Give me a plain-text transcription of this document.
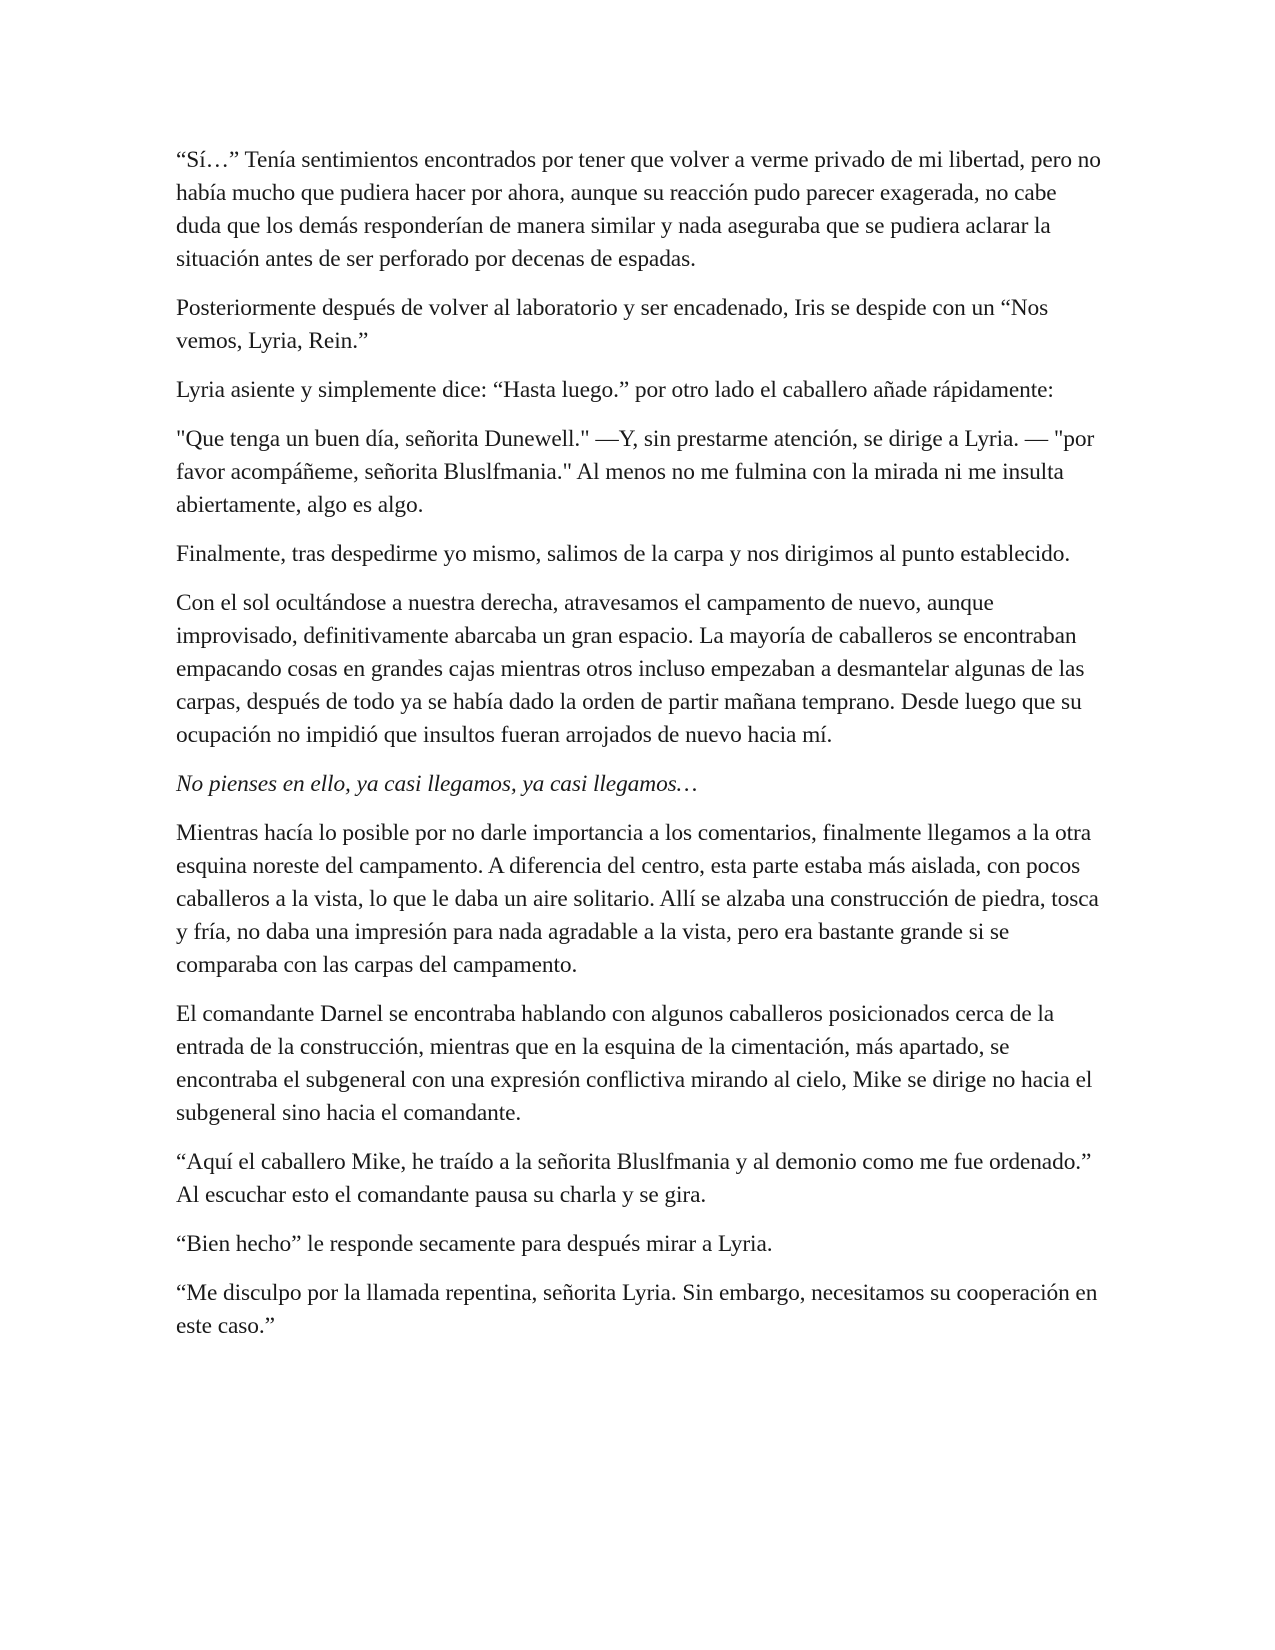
“Sí…” Tenía sentimientos encontrados por tener que volver a verme privado de mi libertad, pero no había mucho que pudiera hacer por ahora, aunque su reacción pudo parecer exagerada, no cabe duda que los demás responderían de manera similar y nada aseguraba que se pudiera aclarar la situación antes de ser perforado por decenas de espadas.

Posteriormente después de volver al laboratorio y ser encadenado, Iris se despide con un “Nos vemos, Lyria, Rein.”

Lyria asiente y simplemente dice: “Hasta luego.” por otro lado el caballero añade rápidamente:

"Que tenga un buen día, señorita Dunewell." —Y, sin prestarme atención, se dirige a Lyria. — "por favor acompáñeme, señorita Bluslfmania." Al menos no me fulmina con la mirada ni me insulta abiertamente, algo es algo.

Finalmente, tras despedirme yo mismo, salimos de la carpa y nos dirigimos al punto establecido.

Con el sol ocultándose a nuestra derecha, atravesamos el campamento de nuevo, aunque improvisado, definitivamente abarcaba un gran espacio. La mayoría de caballeros se encontraban empacando cosas en grandes cajas mientras otros incluso empezaban a desmantelar algunas de las carpas, después de todo ya se había dado la orden de partir mañana temprano. Desde luego que su ocupación no impidió que insultos fueran arrojados de nuevo hacia mí.

No pienses en ello, ya casi llegamos, ya casi llegamos…

Mientras hacía lo posible por no darle importancia a los comentarios, finalmente llegamos a la otra esquina noreste del campamento. A diferencia del centro, esta parte estaba más aislada, con pocos caballeros a la vista, lo que le daba un aire solitario. Allí se alzaba una construcción de piedra, tosca y fría, no daba una impresión para nada agradable a la vista, pero era bastante grande si se comparaba con las carpas del campamento.

El comandante Darnel se encontraba hablando con algunos caballeros posicionados cerca de la entrada de la construcción, mientras que en la esquina de la cimentación, más apartado, se encontraba el subgeneral con una expresión conflictiva mirando al cielo, Mike se dirige no hacia el subgeneral sino hacia el comandante.

“Aquí el caballero Mike, he traído a la señorita Bluslfmania y al demonio como me fue ordenado.” Al escuchar esto el comandante pausa su charla y se gira.

“Bien hecho” le responde secamente para después mirar a Lyria.

“Me disculpo por la llamada repentina, señorita Lyria. Sin embargo, necesitamos su cooperación en este caso.”
